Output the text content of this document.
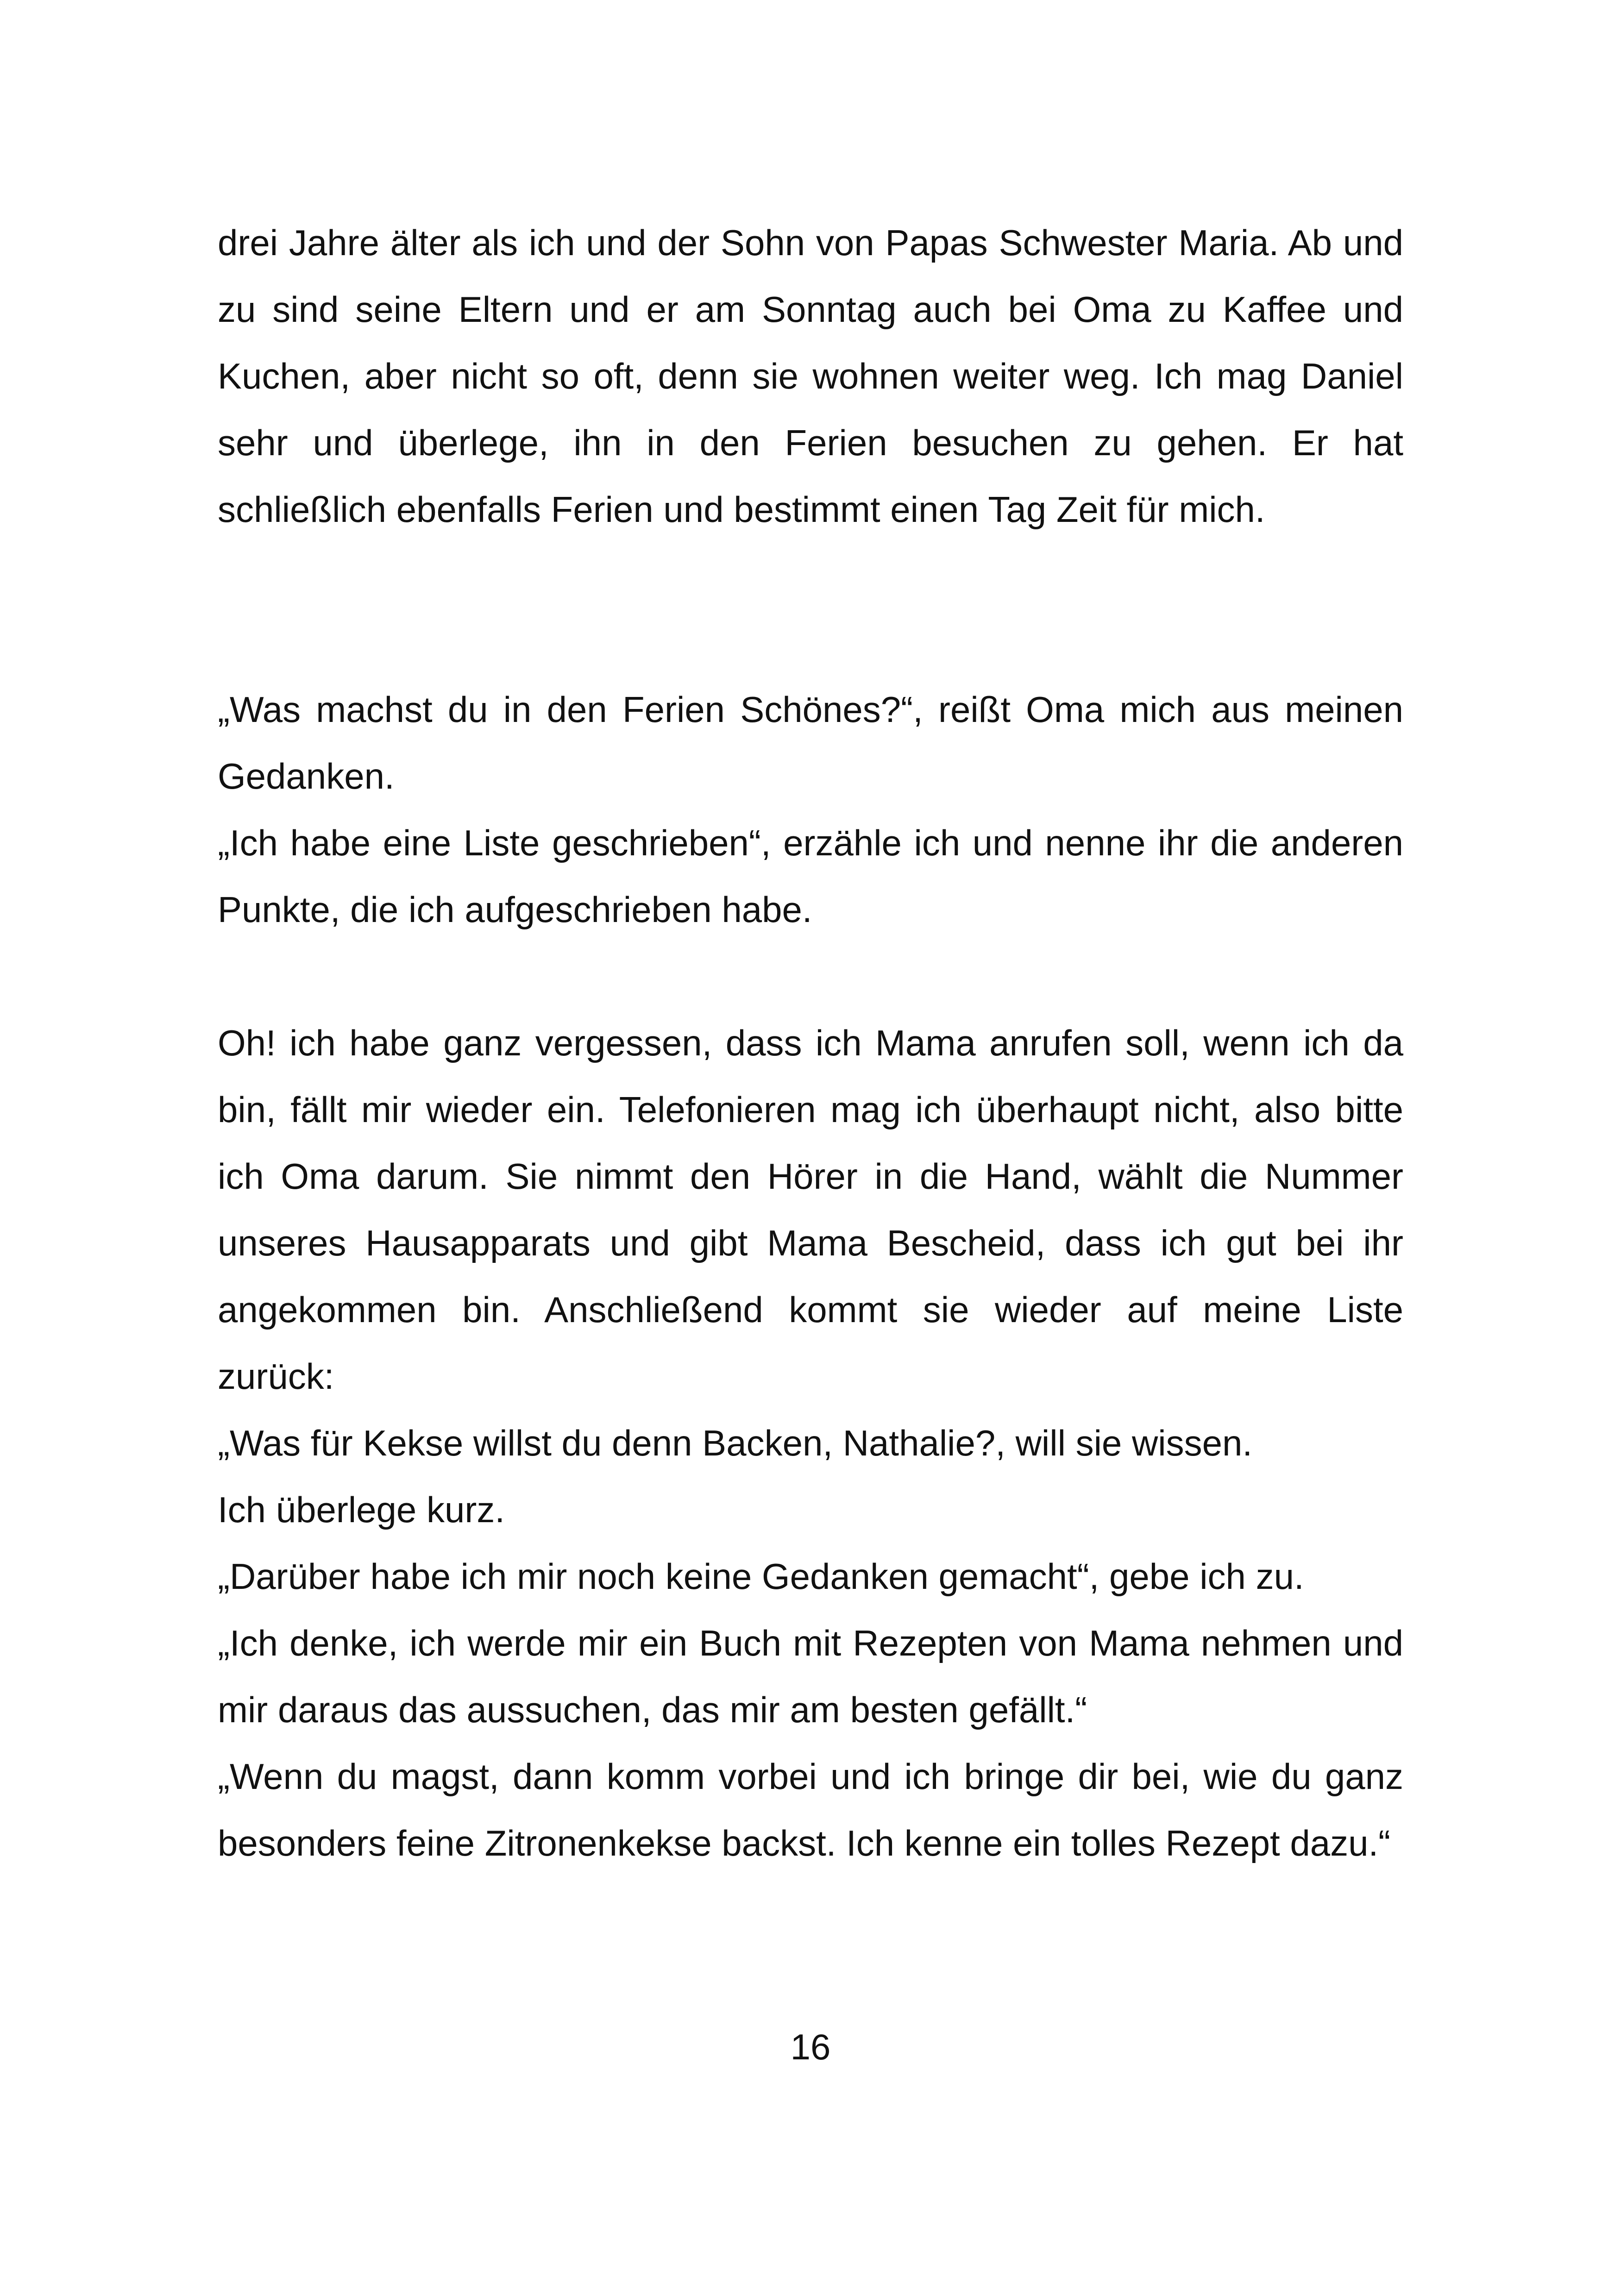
drei Jahre älter als ich und der Sohn von Papas Schwester Maria. Ab und zu sind seine Eltern und er am Sonntag auch bei Oma zu Kaffee und Kuchen, aber nicht so oft, denn sie wohnen weiter weg. Ich mag Daniel sehr und überlege, ihn in den Ferien besuchen zu gehen. Er hat schließlich ebenfalls Ferien und bestimmt einen Tag Zeit für mich.

„Was machst du in den Ferien Schönes?“, reißt Oma mich aus meinen Gedanken.

„Ich habe eine Liste geschrieben“, erzähle ich und nenne ihr die anderen Punkte, die ich aufgeschrieben habe.

Oh! ich habe ganz vergessen, dass ich Mama anrufen soll, wenn ich da bin, fällt mir wieder ein. Telefonieren mag ich überhaupt nicht, also bitte ich Oma darum. Sie nimmt den Hörer in die Hand, wählt die Nummer unseres Hausapparats und gibt Mama Bescheid, dass ich gut bei ihr angekommen bin. Anschließend kommt sie wieder auf meine Liste zurück:

„Was für Kekse willst du denn Backen, Nathalie?, will sie wissen.

Ich überlege kurz.

„Darüber habe ich mir noch keine Gedanken gemacht“, gebe ich zu.

„Ich denke, ich werde mir ein Buch mit Rezepten von Mama nehmen und mir daraus das aussuchen, das mir am besten gefällt.“

„Wenn du magst, dann komm vorbei und ich bringe dir bei, wie du ganz besonders feine Zitronenkekse backst. Ich kenne ein tolles Rezept dazu.“

16
